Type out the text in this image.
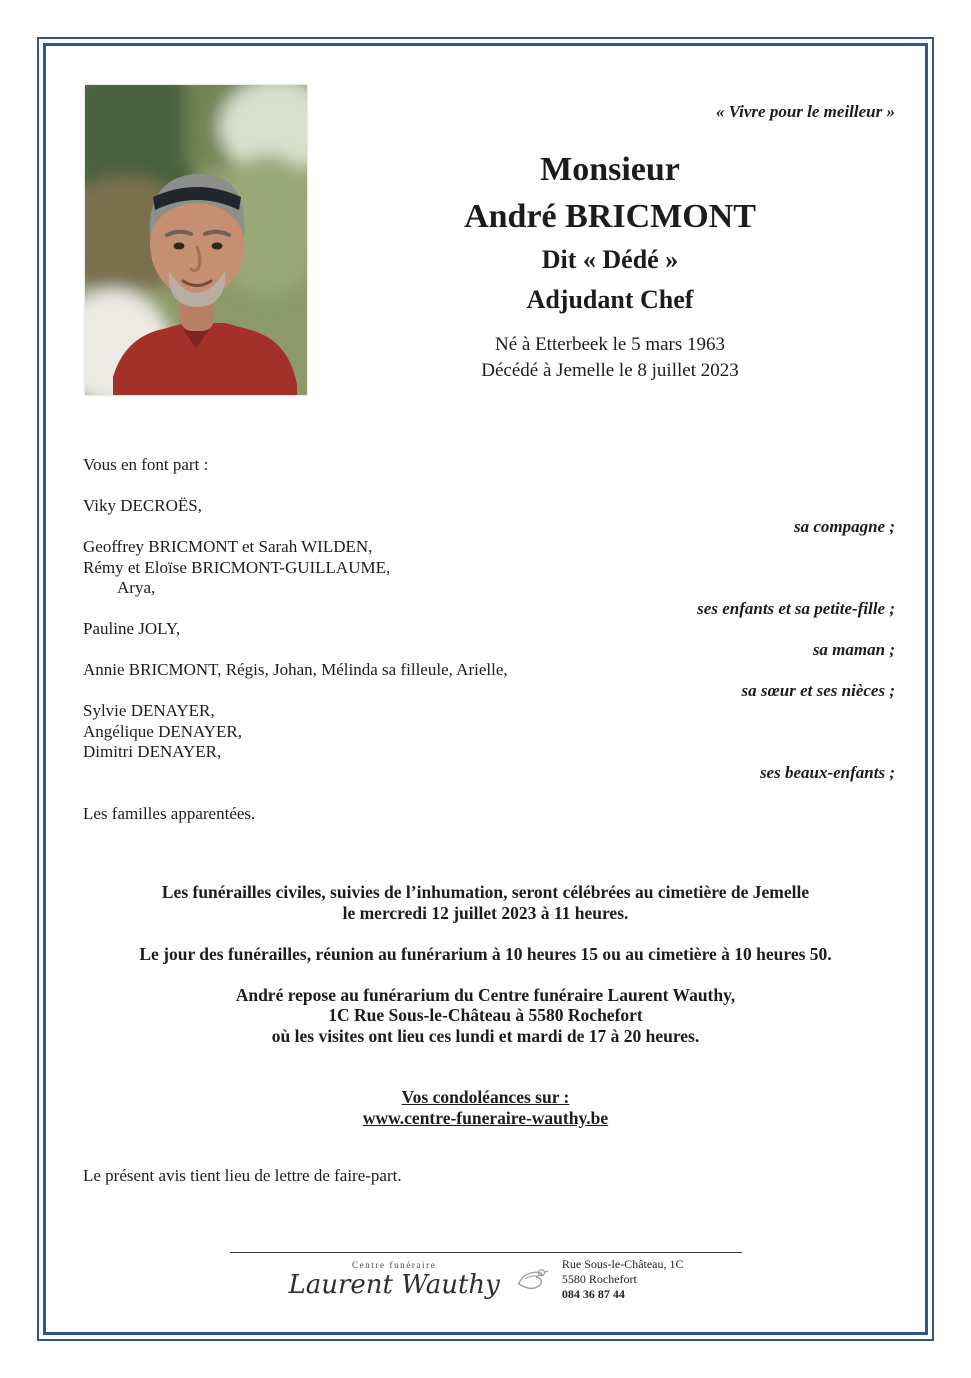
« Vivre pour le meilleur »
Monsieur
André BRICMONT
Dit « Dédé »
Adjudant Chef
Né à Etterbeek le 5 mars 1963
Décédé à Jemelle le 8 juillet 2023
Vous en font part :
Viky DECROËS,
sa compagne ;
Geoffrey BRICMONT et Sarah WILDEN,
Rémy et Eloïse BRICMONT-GUILLAUME,
Arya,
ses enfants et sa petite-fille ;
Pauline JOLY,
sa maman ;
Annie BRICMONT, Régis, Johan, Mélinda sa filleule, Arielle,
sa sœur et ses nièces ;
Sylvie DENAYER,
Angélique DENAYER,
Dimitri DENAYER,
ses beaux-enfants ;
Les familles apparentées.

Les funérailles civiles, suivies de l’inhumation, seront célébrées au cimetière de Jemelle
le mercredi 12 juillet 2023 à 11 heures.

Le jour des funérailles, réunion au funérarium à 10 heures 15 ou au cimetière à 10 heures 50.

André repose au funérarium du Centre funéraire Laurent Wauthy,
1C Rue Sous-le-Château à 5580 Rochefort
où les visites ont lieu ces lundi et mardi de 17 à 20 heures.

Vos condoléances sur :
www.centre-funeraire-wauthy.be

Le présent avis tient lieu de lettre de faire-part.
Centre funéraire
Laurent Wauthy
Rue Sous-le-Château, 1C
5580 Rochefort
084 36 87 44
